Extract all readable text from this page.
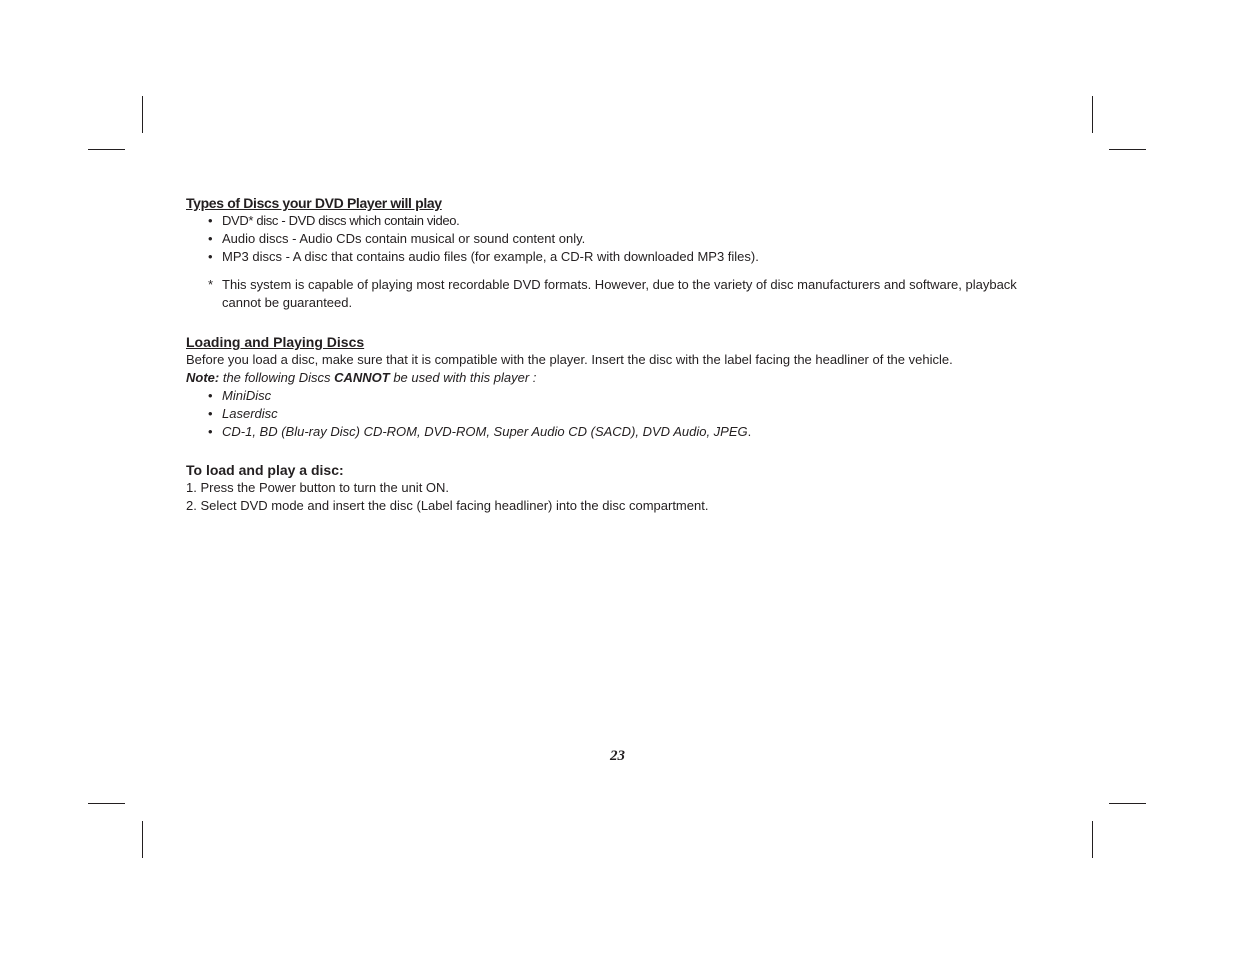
Types of Discs your DVD Player will play
• DVD* disc - DVD discs which contain video.
• Audio discs - Audio CDs contain musical or sound content only.
• MP3 discs - A disc that contains audio files (for example, a CD-R with downloaded MP3 files).
* This system is capable of playing most recordable DVD formats. However, due to the variety of disc manufacturers and software, playback cannot be guaranteed.
Loading and Playing Discs

Before you load a disc, make sure that it is compatible with the player. Insert the disc with the label facing the headliner of the vehicle.

Note: the following Discs CANNOT be used with this player :

• MiniDisc
• Laserdisc
• CD-1, BD (Blu-ray Disc) CD-ROM, DVD-ROM, Super Audio CD (SACD), DVD Audio, JPEG.
To load and play a disc:

1. Press the Power button to turn the unit ON.

2. Select DVD mode and insert the disc (Label facing headliner) into the disc compartment.

23
